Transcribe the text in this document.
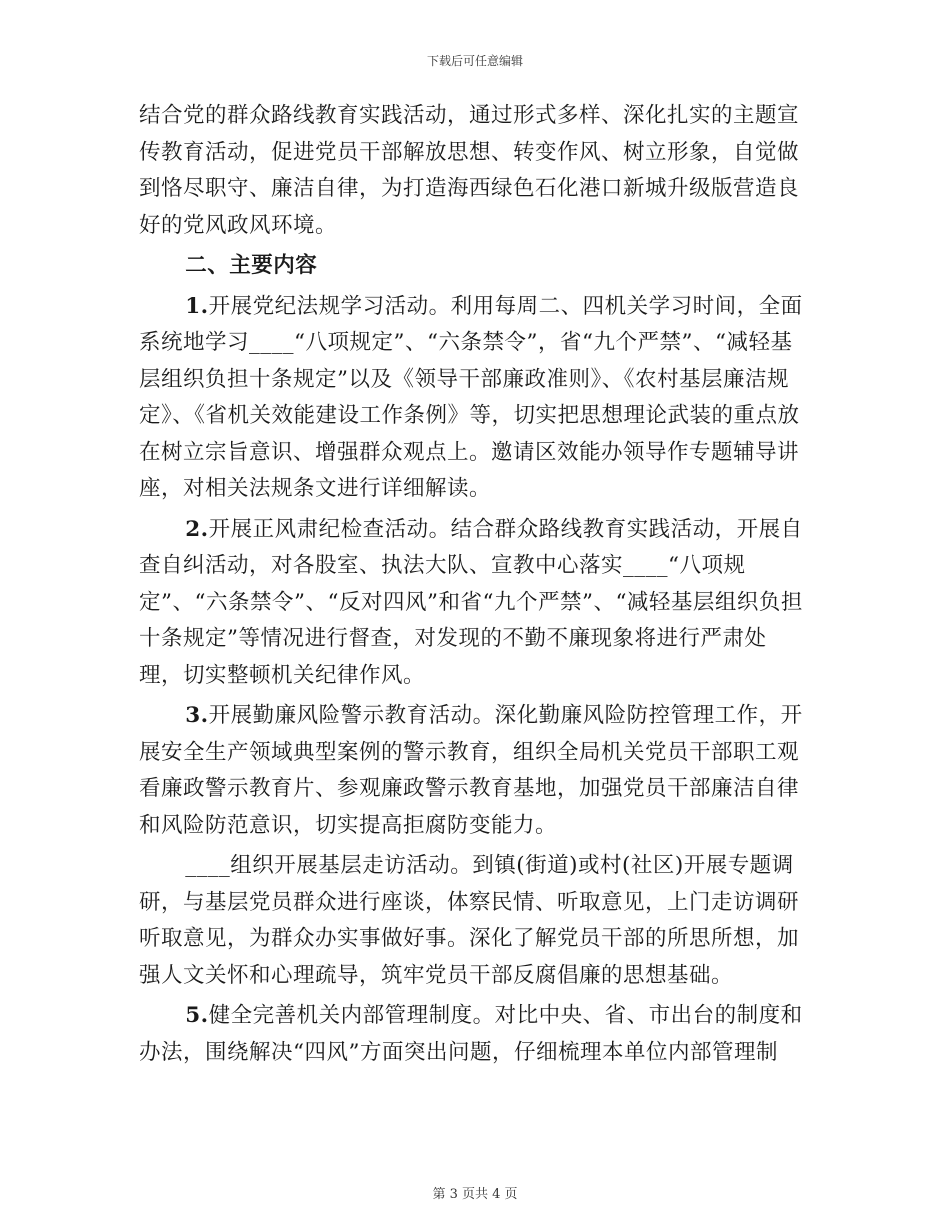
下载后可任意编辑

结合党的群众路线教育实践活动，通过形式多样、深化扎实的主题宣传教育活动，促进党员干部解放思想、转变作风、树立形象，自觉做到恪尽职守、廉洁自律，为打造海西绿色石化港口新城升级版营造良好的党风政风环境。

二、主要内容

1.开展党纪法规学习活动。利用每周二、四机关学习时间，全面系统地学习____“八项规定”、“六条禁令”，省“九个严禁”、“减轻基层组织负担十条规定”以及《领导干部廉政准则》、《农村基层廉洁规定》、《省机关效能建设工作条例》等，切实把思想理论武装的重点放在树立宗旨意识、增强群众观点上。邀请区效能办领导作专题辅导讲座，对相关法规条文进行详细解读。

2.开展正风肃纪检查活动。结合群众路线教育实践活动，开展自查自纠活动，对各股室、执法大队、宣教中心落实____“八项规定”、“六条禁令”、“反对四风”和省“九个严禁”、“减轻基层组织负担十条规定”等情况进行督查，对发现的不勤不廉现象将进行严肃处理，切实整顿机关纪律作风。

3.开展勤廉风险警示教育活动。深化勤廉风险防控管理工作，开展安全生产领域典型案例的警示教育，组织全局机关党员干部职工观看廉政警示教育片、参观廉政警示教育基地，加强党员干部廉洁自律和风险防范意识，切实提高拒腐防变能力。

____组织开展基层走访活动。到镇(街道)或村(社区)开展专题调研，与基层党员群众进行座谈，体察民情、听取意见，上门走访调研听取意见，为群众办实事做好事。深化了解党员干部的所思所想，加强人文关怀和心理疏导，筑牢党员干部反腐倡廉的思想基础。

5.健全完善机关内部管理制度。对比中央、省、市出台的制度和办法，围绕解决“四风”方面突出问题，仔细梳理本单位内部管理制

第 3 页共 4 页
